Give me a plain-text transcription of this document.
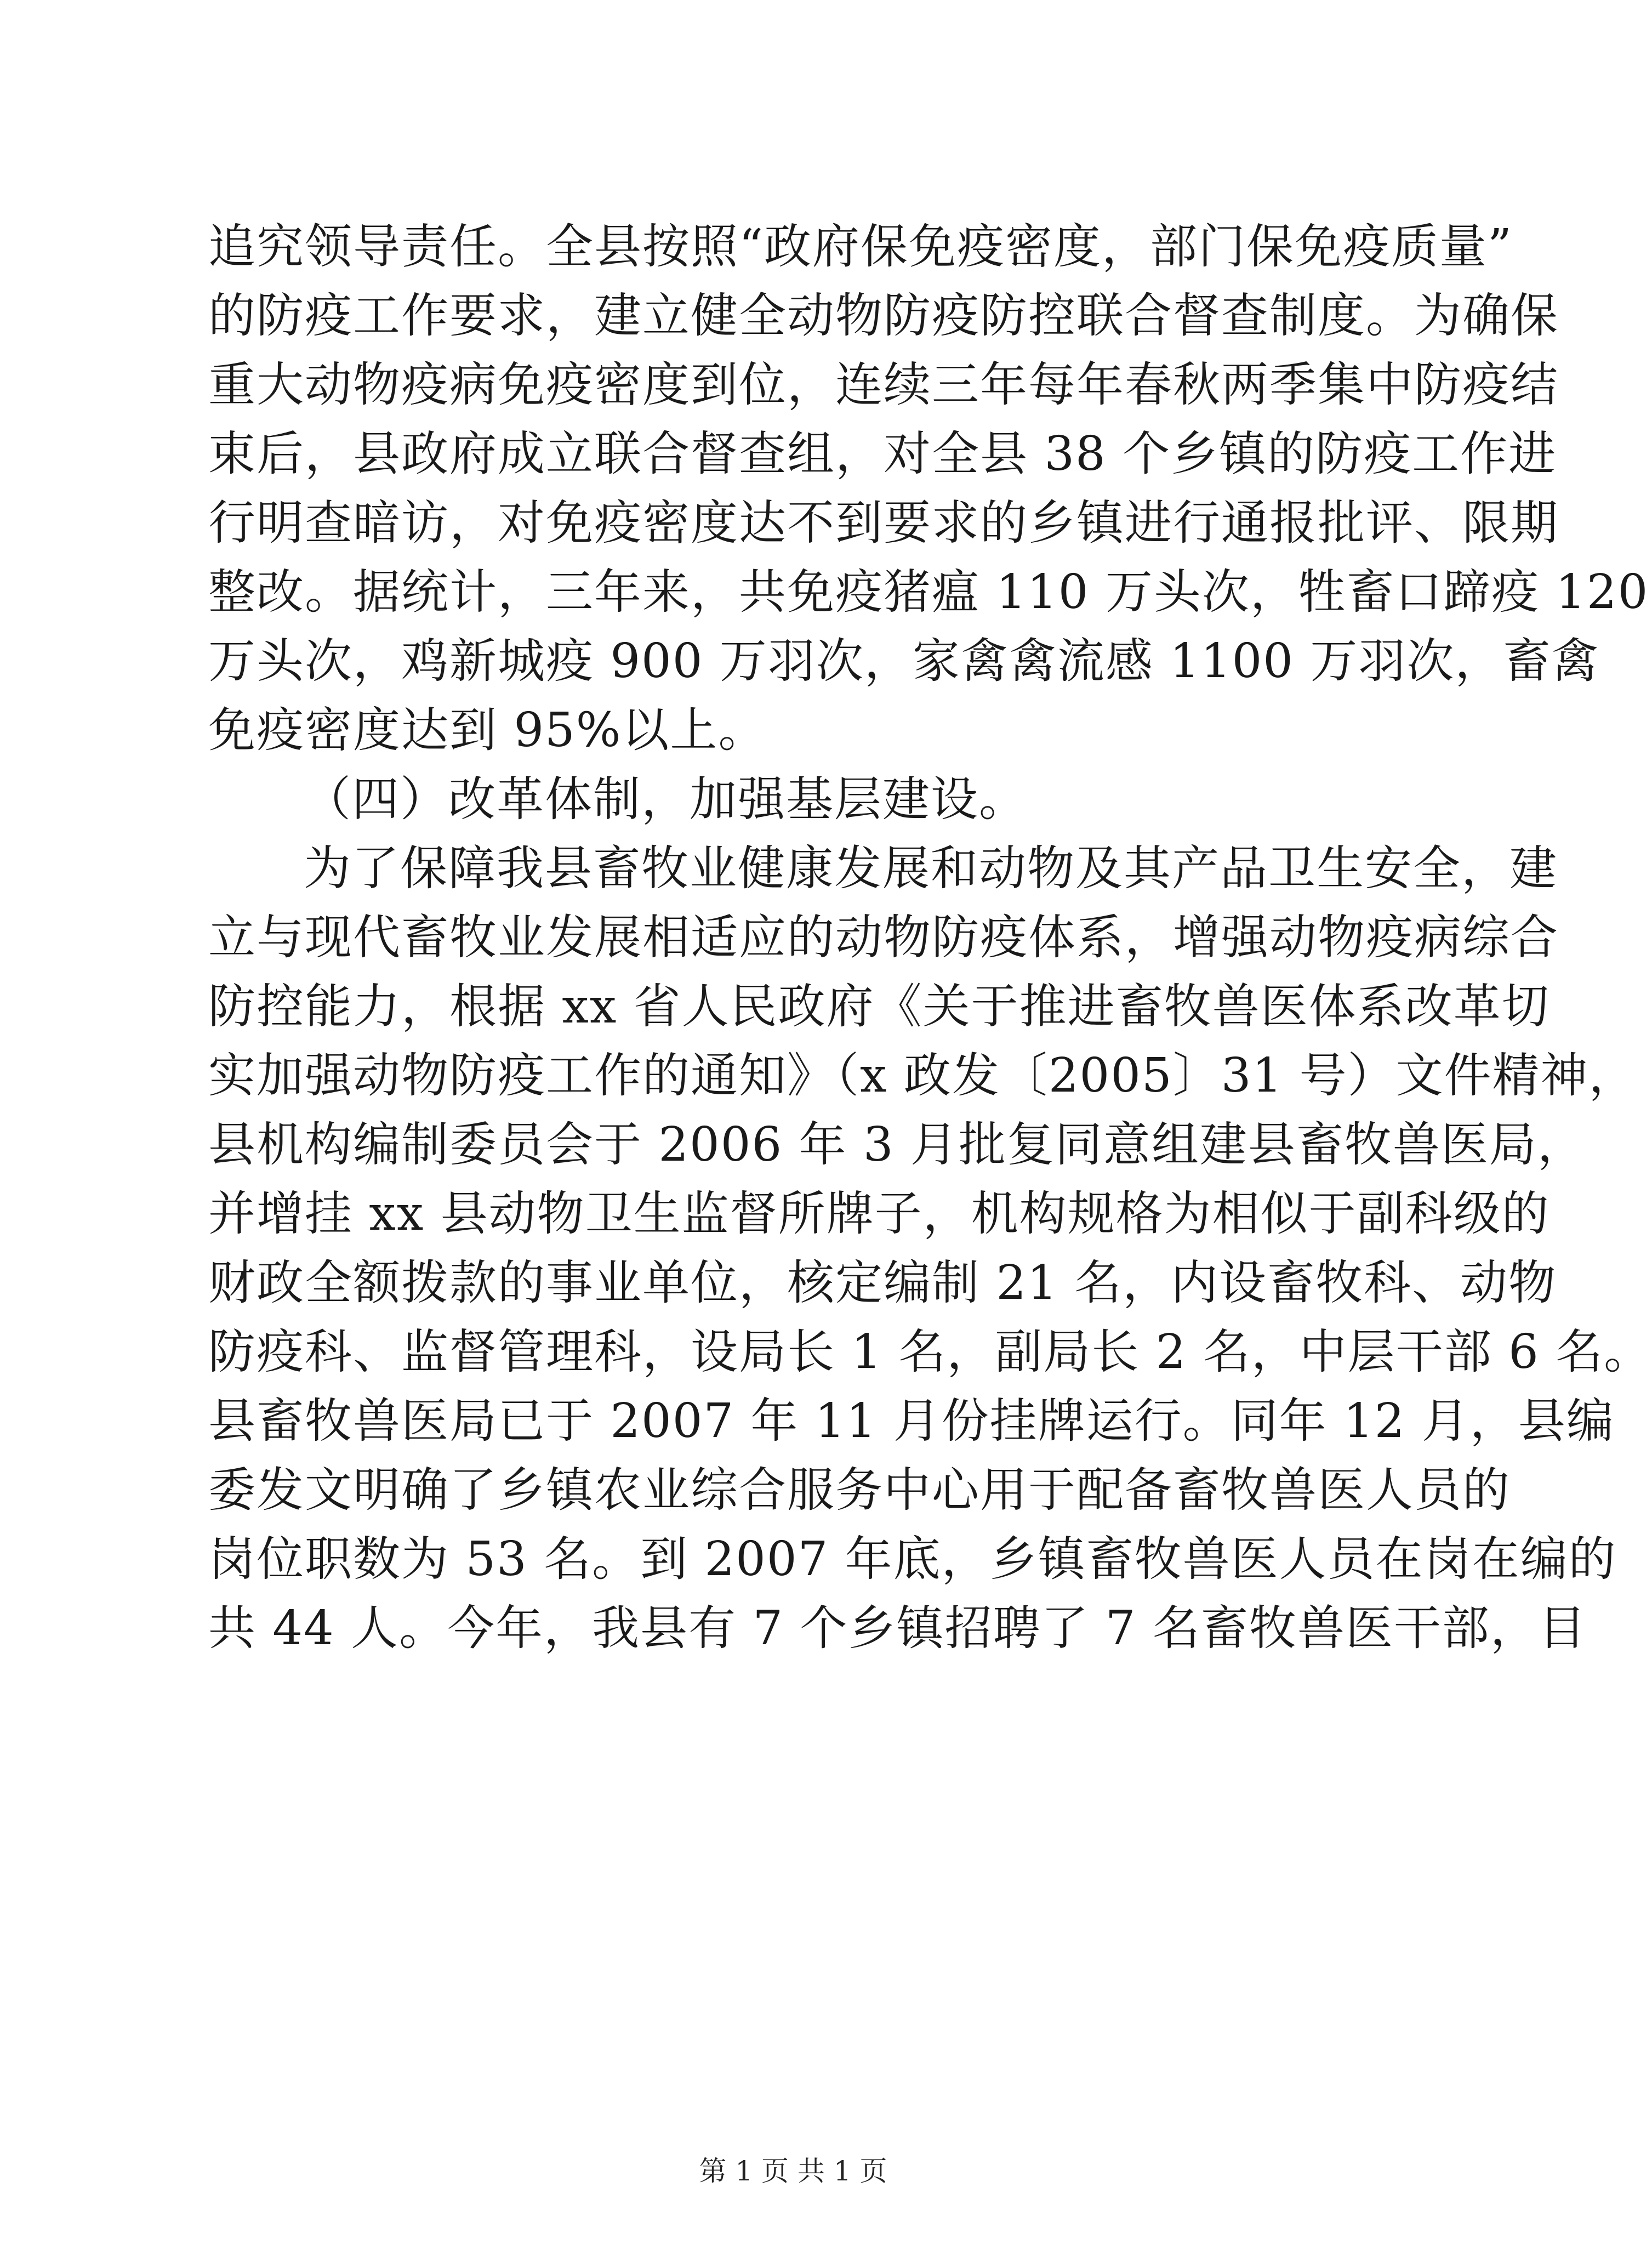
追究领导责任。全县按照“政府保免疫密度，部门保免疫质量”
的防疫工作要求，建立健全动物防疫防控联合督查制度。为确保
重大动物疫病免疫密度到位，连续三年每年春秋两季集中防疫结
束后，县政府成立联合督查组，对全县 38 个乡镇的防疫工作进
行明查暗访，对免疫密度达不到要求的乡镇进行通报批评、限期
整改。据统计，三年来，共免疫猪瘟 110 万头次，牲畜口蹄疫 120
万头次，鸡新城疫 900 万羽次，家禽禽流感 1100 万羽次，畜禽
免疫密度达到 95%以上。
（四）改革体制，加强基层建设。
为了保障我县畜牧业健康发展和动物及其产品卫生安全，建
立与现代畜牧业发展相适应的动物防疫体系，增强动物疫病综合
防控能力，根据 xx 省人民政府《关于推进畜牧兽医体系改革切
实加强动物防疫工作的通知》（x 政发〔2005〕31 号）文件精神，
县机构编制委员会于 2006 年 3 月批复同意组建县畜牧兽医局，
并增挂 xx 县动物卫生监督所牌子，机构规格为相似于副科级的
财政全额拨款的事业单位，核定编制 21 名，内设畜牧科、动物
防疫科、监督管理科，设局长 1 名，副局长 2 名，中层干部 6 名。
县畜牧兽医局已于 2007 年 11 月份挂牌运行。同年 12 月，县编
委发文明确了乡镇农业综合服务中心用于配备畜牧兽医人员的
岗位职数为 53 名。到 2007 年底，乡镇畜牧兽医人员在岗在编的
共 44 人。今年，我县有 7 个乡镇招聘了 7 名畜牧兽医干部，目
第 1 页 共 1 页
